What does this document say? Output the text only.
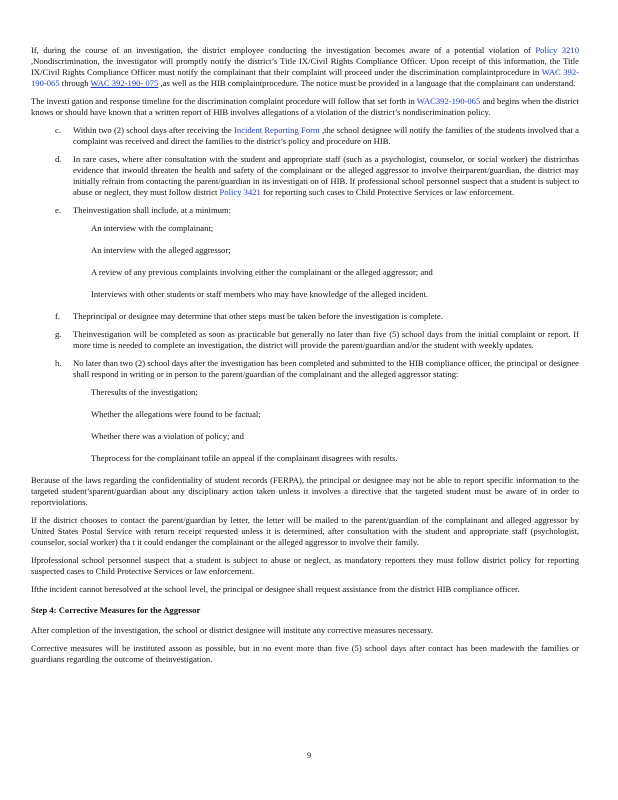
If, during the course of an investigation, the district employee conducting the investigation becomes aware of a potential violation of Policy 3210 ,Nondiscrimination, the investigator will promptly notify the district’s Title IX/Civil Rights Compliance Officer. Upon receipt of this information, the Title IX/Civil Rights Compliance Officer must notify the complainant that their complaint will proceed under the discrimination complaintprocedure in WAC 392-190-065 through WAC 392-190- 075 ,as well as the HIB complaintprocedure. The notice must be provided in a language that the complainant can understand.

The investi gation and response timeline for the discrimination complaint procedure will follow that set forth in WAC392-190-065 and begins when the district knows or should have known that a written report of HIB involves allegations of a violation of the district’s nondiscrimination policy.

c. Within two (2) school days after receiving the Incident Reporting Form ,the school designee will notify the families of the students involved that a complaint was received and direct the families to the district’s policy and procedure on HIB.
d. In rare cases, where after consultation with the student and appropriate staff (such as a psychologist, counselor, or social worker) the districthas evidence that itwould threaten the health and safety of the complainant or the alleged aggressor to involve theirparent/guardian, the district may initially refrain from contacting the parent/guardian in its investigati on of HIB. If professional school personnel suspect that a student is subject to abuse or neglect, they must follow district Policy 3421 for reporting such cases to Child Protective Services or law enforcement.
e. Theinvestigation shall include, at a minimum:
An interview with the complainant;
An interview with the alleged aggressor;
A review of any previous complaints involving either the complainant or the alleged aggressor; and
Interviews with other students or staff members who may have knowledge of the alleged incident.
f. Theprincipal or designee may determine that other steps must be taken before the investigation is complete.
g. Theinvestigation will be completed as soon as practicable but generally no later than five (5) school days from the initial complaint or report. If more time is needed to complete an investigation, the district will provide the parent/guardian and/or the student with weekly updates.
h. No later than two (2) school days after the investigation has been completed and submitted to the HIB compliance officer, the principal or designee shall respond in writing or in person to the parent/guardian of the complainant and the alleged aggressor stating:
Theresults of the investigation;
Whether the allegations were found to be factual;
Whether there was a violation of policy; and
Theprocess for the complainant tofile an appeal if the complainant disagrees with results.

Because of the laws regarding the confidentiality of student records (FERPA), the principal or designee may not be able to report specific information to the targeted student’sparent/guardian about any disciplinary action taken unless it involves a directive that the targeted student must be aware of in order to reportviolations.

If the district chooses to contact the parent/guardian by letter, the letter will be mailed to the parent/guardian of the complainant and alleged aggressor by United States Postal Service with return receipt requested unless it is determined, after consultation with the student and appropriate staff (psychologist, counselor, social worker) tha t it could endanger the complainant or the alleged aggressor to involve their family.

Ifprofessional school personnel suspect that a student is subject to abuse or neglect, as mandatory reporters they must follow district policy for reporting suspected cases to Child Protective Services or law enforcement.

Ifthe incident cannot beresolved at the school level, the principal or designee shall request assistance from the district HIB compliance officer.

Step 4: Corrective Measures for the Aggressor

After completion of the investigation, the school or district designee will institute any corrective measures necessary.

Corrective measures will be instituted assoon as possible, but in no event more than five (5) school days after contact has been madewith the families or guardians regarding the outcome of theinvestigation.

9
